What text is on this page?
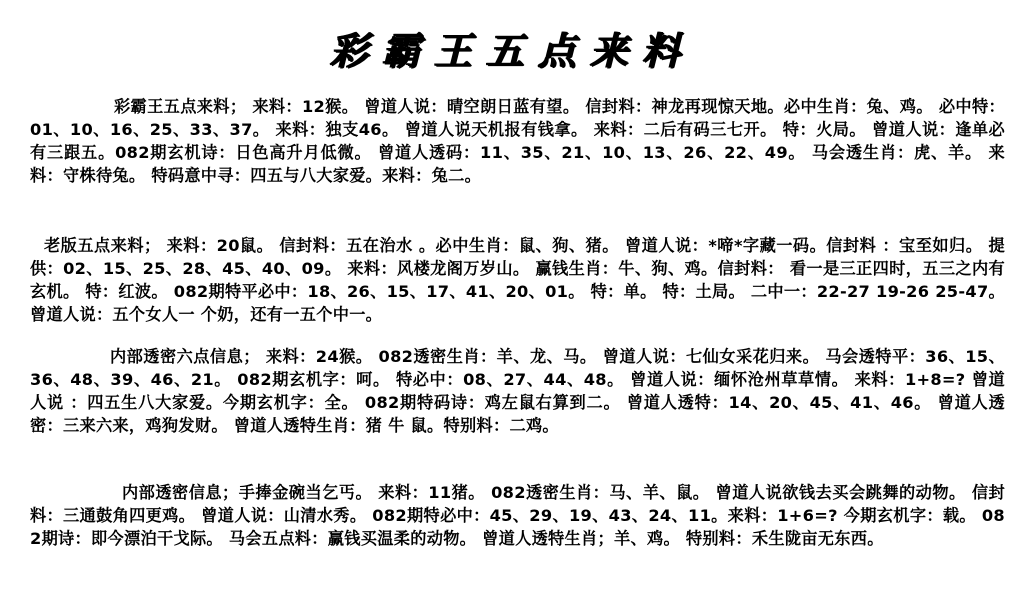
彩霸王五点来料

彩霸王五点来料； 来料：12猴。 曾道人说：晴空朗日蓝有望。 信封料：神龙再现惊天地。必中生肖：兔、鸡。 必中特：01、10、16、25、33、37。 来料：独支46。 曾道人说天机报有钱拿。 来料：二后有码三七开。 特：火局。 曾道人说：逢单必有三跟五。082期玄机诗：日色高升月低微。 曾道人透码：11、35、21、10、13、26、22、49。 马会透生肖：虎、羊。 来料：守株待兔。 特码意中寻：四五与八大家爱。来料：兔二。

老版五点来料； 来料：20鼠。 信封料：五在治水 。必中生肖：鼠、狗、猪。 曾道人说：*啼*字藏一码。信封料 ：宝至如归。 提供：02、15、25、28、45、40、09。 来料：风楼龙阁万岁山。 赢钱生肖：牛、狗、鸡。信封料： 看一是三正四时，五三之内有玄机。 特：红波。 082期特平必中：18、26、15、17、41、20、01。 特：单。 特：土局。 二中一：22-27 19-26 25-47。 曾道人说：五个女人一 个奶，还有一五个中一。

内部透密六点信息； 来料：24猴。 082透密生肖：羊、龙、马。 曾道人说：七仙女采花归来。 马会透特平：36、15、36、48、39、46、21。 082期玄机字：呵。 特必中：08、27、44、48。 曾道人说：缅怀沧州草草情。 来料：1+8=? 曾道人说 ：四五生八大家爱。今期玄机字：全。 082期特码诗：鸡左鼠右算到二。 曾道人透特：14、20、45、41、46。 曾道人透密：三来六来，鸡狗发财。 曾道人透特生肖：猪 牛 鼠。特别料：二鸡。

内部透密信息；手捧金碗当乞丐。 来料：11猪。 082透密生肖：马、羊、鼠。 曾道人说欲钱去买会跳舞的动物。 信封料：三通鼓角四更鸡。 曾道人说：山清水秀。 082期特必中：45、29、19、43、24、11。来料：1+6=? 今期玄机字：载。 082期诗：即今漂泊干戈际。 马会五点料：赢钱买温柔的动物。 曾道人透特生肖；羊、鸡。 特别料：禾生陇亩无东西。
